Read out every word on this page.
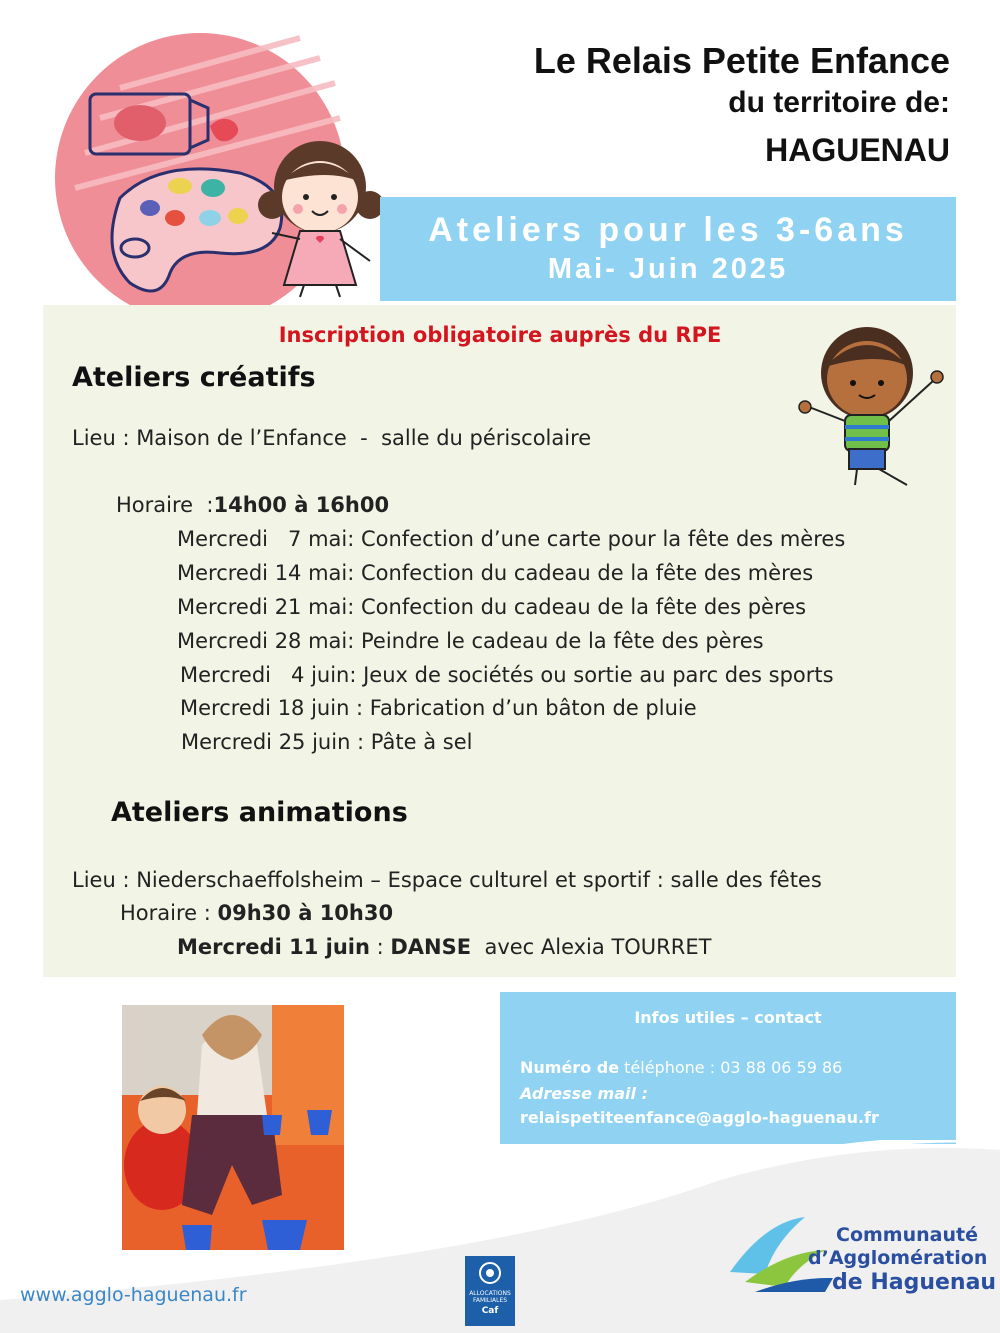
Le Relais Petite Enfance
du territoire de:
HAGUENAU
Ateliers pour les 3-6ans
Mai- Juin 2025
Inscription obligatoire auprès du RPE
Ateliers créatifs
Lieu : Maison de l’Enfance  -  salle du périscolaire
Horaire  :14h00 à 16h00
Mercredi   7 mai: Confection d’une carte pour la fête des mères
Mercredi 14 mai: Confection du cadeau de la fête des mères
Mercredi 21 mai: Confection du cadeau de la fête des pères
Mercredi 28 mai: Peindre le cadeau de la fête des pères
Mercredi   4 juin: Jeux de sociétés ou sortie au parc des sports
Mercredi 18 juin : Fabrication d’un bâton de pluie
Mercredi 25 juin : Pâte à sel
Ateliers animations
Lieu : Niederschaeffolsheim – Espace culturel et sportif : salle des fêtes
Horaire : 09h30 à 10h30
Mercredi 11 juin : DANSE  avec Alexia TOURRET
Infos utiles – contact
Numéro de téléphone : 03 88 06 59 86
Adresse mail :
relaispetiteenfance@agglo-haguenau.fr
www.agglo-haguenau.fr	ALLOCATIONS FAMILIALES
Caf
Communauté
d’Agglomération
de Haguenau
